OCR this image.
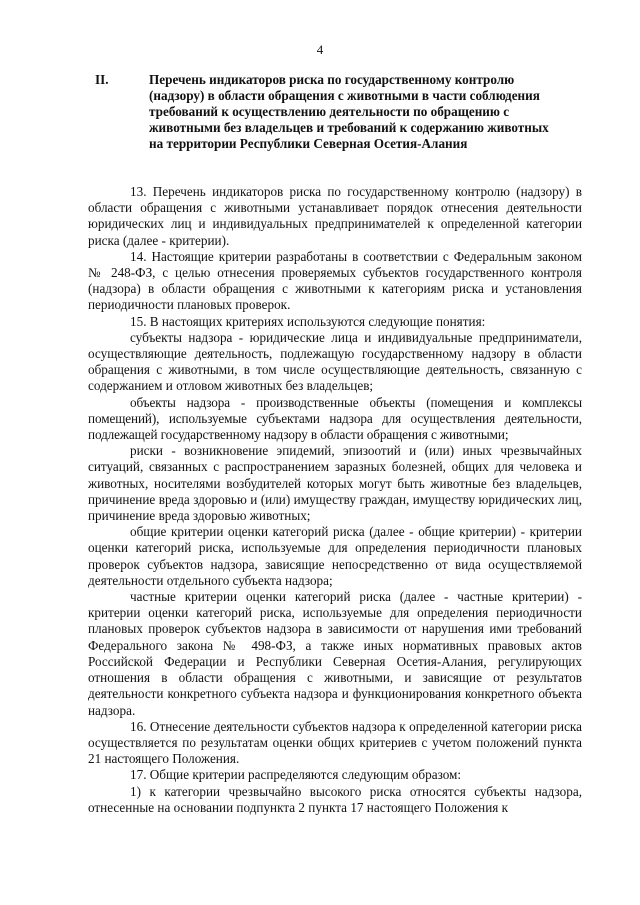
4
II.	Перечень индикаторов риска по государственному контролю (надзору) в области обращения с животными в части соблюдения требований к осуществлению деятельности по обращению с животными без владельцев и требований к содержанию животных на территории Республики Северная Осетия-Алания

13. Перечень индикаторов риска по государственному контролю (надзору) в области обращения с животными устанавливает порядок отнесения деятельности юридических лиц и индивидуальных предпринимателей к определенной категории риска (далее - критерии).

14. Настоящие критерии разработаны в соответствии с Федеральным законом № 248-ФЗ, с целью отнесения проверяемых субъектов государственного контроля (надзора) в области обращения с животными к категориям риска и установления периодичности плановых проверок.

15. В настоящих критериях используются следующие понятия:

субъекты надзора - юридические лица и индивидуальные предприниматели, осуществляющие деятельность, подлежащую государственному надзору в области обращения с животными, в том числе осуществляющие деятельность, связанную с содержанием и отловом животных без владельцев;

объекты надзора - производственные объекты (помещения и комплексы помещений), используемые субъектами надзора для осуществления деятельности, подлежащей государственному надзору в области обращения с животными;

риски - возникновение эпидемий, эпизоотий и (или) иных чрезвычайных ситуаций, связанных с распространением заразных болезней, общих для человека и животных, носителями возбудителей которых могут быть животные без владельцев, причинение вреда здоровью и (или) имуществу граждан, имуществу юридических лиц, причинение вреда здоровью животных;

общие критерии оценки категорий риска (далее - общие критерии) - критерии оценки категорий риска, используемые для определения периодичности плановых проверок субъектов надзора, зависящие непосредственно от вида осуществляемой деятельности отдельного субъекта надзора;

частные критерии оценки категорий риска (далее - частные критерии) - критерии оценки категорий риска, используемые для определения периодичности плановых проверок субъектов надзора в зависимости от нарушения ими требований Федерального закона № 498-ФЗ, а также иных нормативных правовых актов Российской Федерации и Республики Северная Осетия-Алания, регулирующих отношения в области обращения с животными, и зависящие от результатов деятельности конкретного субъекта надзора и функционирования конкретного объекта надзора.

16. Отнесение деятельности субъектов надзора к определенной категории риска осуществляется по результатам оценки общих критериев с учетом положений пункта 21 настоящего Положения.

17. Общие критерии распределяются следующим образом:

1) к категории чрезвычайно высокого риска относятся субъекты надзора, отнесенные на основании подпункта 2 пункта 17 настоящего Положения к
